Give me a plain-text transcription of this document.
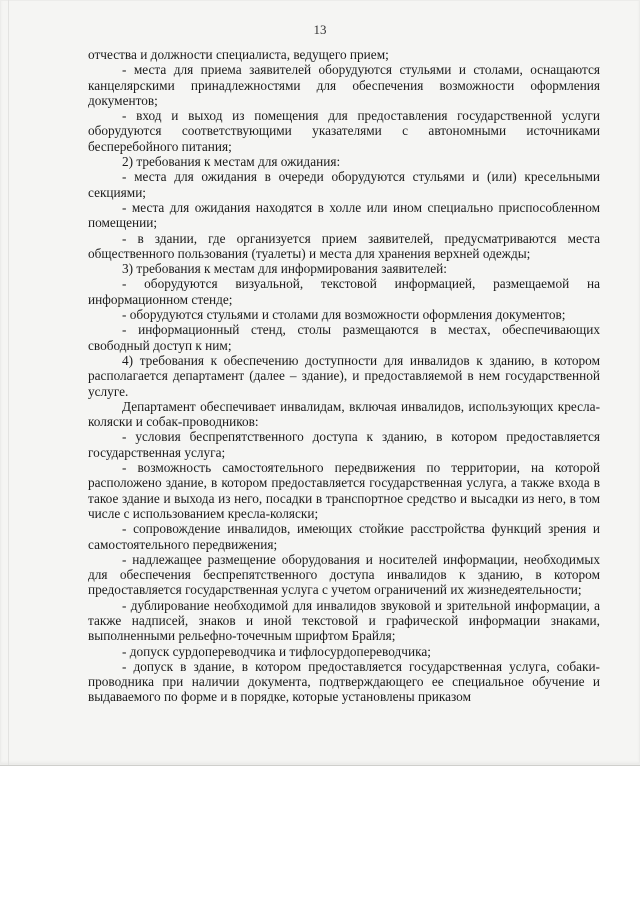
13

отчества и должности специалиста, ведущего прием;

- места для приема заявителей оборудуются стульями и столами, оснащаются канцелярскими принадлежностями для обеспечения возможности оформления документов;

- вход и выход из помещения для предоставления государственной услуги оборудуются соответствующими указателями с автономными источниками бесперебойного питания;

2) требования к местам для ожидания:

- места для ожидания в очереди оборудуются стульями и (или) кресельными секциями;

- места для ожидания находятся в холле или ином специально приспособленном помещении;

- в здании, где организуется прием заявителей, предусматриваются места общественного пользования (туалеты) и места для хранения верхней одежды;

3) требования к местам для информирования заявителей:

- оборудуются визуальной, текстовой информацией, размещаемой на информационном стенде;

- оборудуются стульями и столами для возможности оформления документов;

- информационный стенд, столы размещаются в местах, обеспечивающих свободный доступ к ним;

4) требования к обеспечению доступности для инвалидов к зданию, в котором располагается департамент (далее – здание), и предоставляемой в нем государственной услуге.

Департамент обеспечивает инвалидам, включая инвалидов, использующих кресла-коляски и собак-проводников:

- условия беспрепятственного доступа к зданию, в котором предоставляется государственная услуга;

- возможность самостоятельного передвижения по территории, на которой расположено здание, в котором предоставляется государственная услуга, а также входа в такое здание и выхода из него, посадки в транспортное средство и высадки из него, в том числе с использованием кресла-коляски;

- сопровождение инвалидов, имеющих стойкие расстройства функций зрения и самостоятельного передвижения;

- надлежащее размещение оборудования и носителей информации, необходимых для обеспечения беспрепятственного доступа инвалидов к зданию, в котором предоставляется государственная услуга с учетом ограничений их жизнедеятельности;

- дублирование необходимой для инвалидов звуковой и зрительной информации, а также надписей, знаков и иной текстовой и графической информации знаками, выполненными рельефно-точечным шрифтом Брайля;

- допуск сурдопереводчика и тифлосурдопереводчика;

- допуск в здание, в котором предоставляется государственная услуга, собаки-проводника при наличии документа, подтверждающего ее специальное обучение и выдаваемого по форме и в порядке, которые установлены приказом
